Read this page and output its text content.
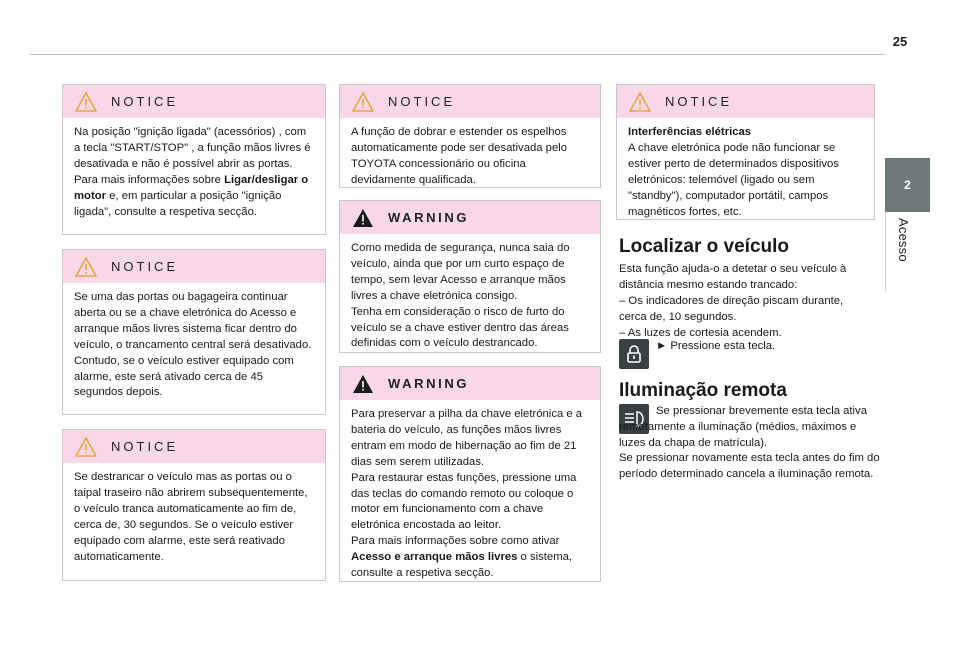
25
2
Acesso
NOTICE

Na posição "ignição ligada" (acessórios) , com a tecla "START/STOP" , a função mãos livres é desativada e não é possível abrir as portas.

Para mais informações sobre Ligar/desligar o motor e, em particular a posição "ignição ligada", consulte a respetiva secção.

NOTICE

Se uma das portas ou bagageira continuar aberta ou se a chave eletrónica do Acesso e arranque mãos livres sistema ficar dentro do veículo, o trancamento central será desativado.

Contudo, se o veículo estiver equipado com alarme, este será ativado cerca de 45 segundos depois.

NOTICE

Se destrancar o veículo mas as portas ou o taipal traseiro não abrirem subsequentemente, o veículo tranca automaticamente ao fim de, cerca de, 30 segundos. Se o veículo estiver equipado com alarme, este será reativado automaticamente.

NOTICE

A função de dobrar e estender os espelhos automaticamente pode ser desativada pelo TOYOTA concessionário ou oficina devidamente qualificada.

WARNING

Como medida de segurança, nunca saia do veículo, ainda que por um curto espaço de tempo, sem levar Acesso e arranque mãos livres a chave eletrónica consigo.

Tenha em consideração o risco de furto do veículo se a chave estiver dentro das áreas definidas com o veículo destrancado.

WARNING

Para preservar a pilha da chave eletrónica e a bateria do veículo, as funções mãos livres entram em modo de hibernação ao fim de 21 dias sem serem utilizadas.

Para restaurar estas funções, pressione uma das teclas do comando remoto ou coloque o motor em funcionamento com a chave eletrónica encostada ao leitor.

Para mais informações sobre como ativar Acesso e arranque mãos livres o sistema, consulte a respetiva secção.

NOTICE

Interferências elétricas

A chave eletrónica pode não funcionar se estiver perto de determinados dispositivos eletrónicos: telemóvel (ligado ou sem "standby"), computador portátil, campos magnéticos fortes, etc.

Localizar o veículo

Esta função ajuda-o a detetar o seu veículo à distância mesmo estando trancado:

– Os indicadores de direção piscam durante, cerca de, 10 segundos.

– As luzes de cortesia acendem.

► Pressione esta tecla.
Iluminação remota
Se pressionar brevemente esta tecla ativa remotamente a iluminação (médios, máximos e luzes da chapa de matrícula).
Se pressionar novamente esta tecla antes do fim do período determinado cancela a iluminação remota.
